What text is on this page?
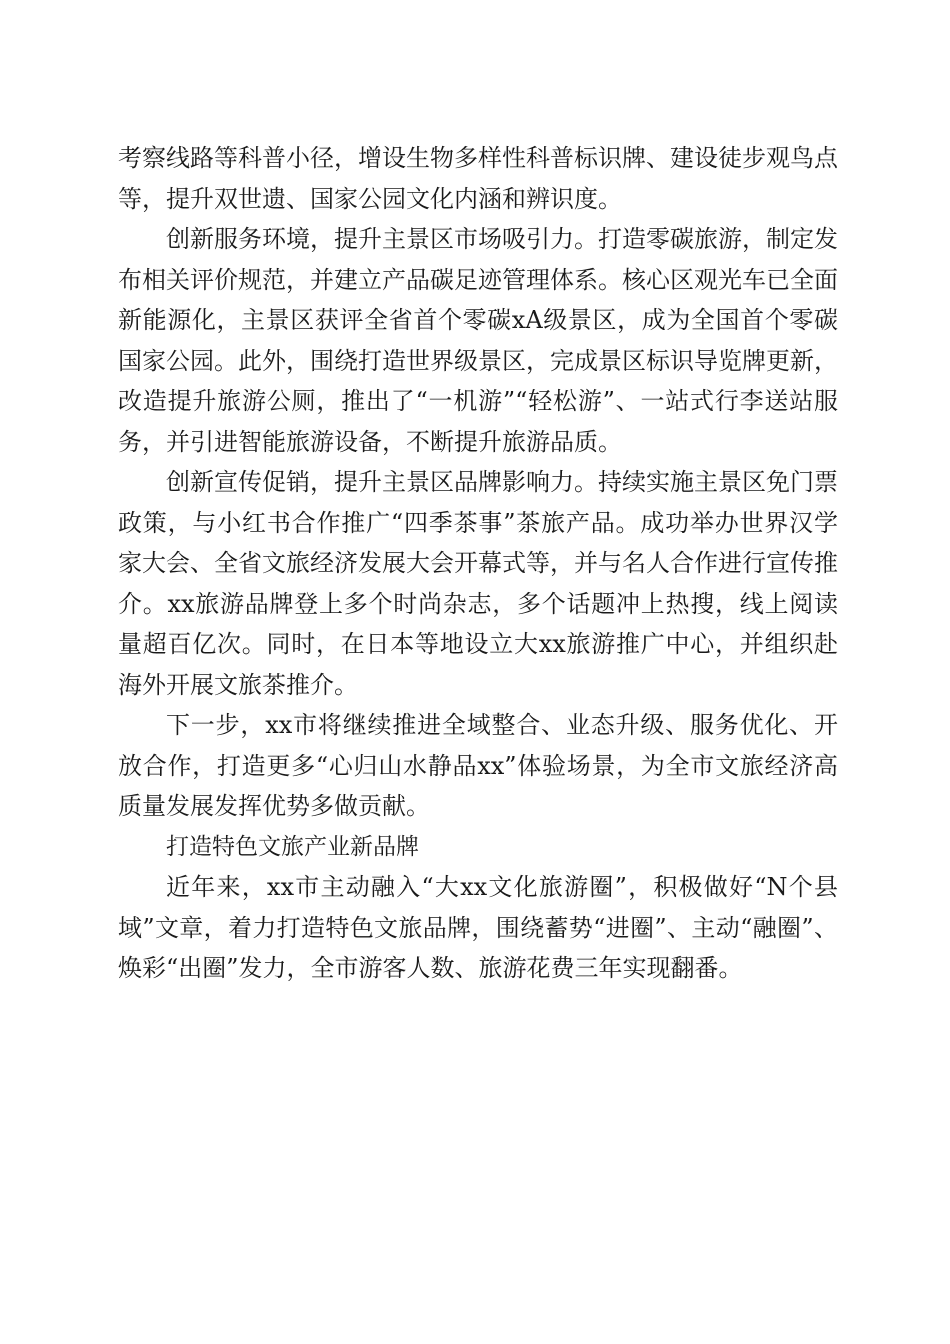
考察线路等科普小径，增设生物多样性科普标识牌、建设徒步观鸟点等，提升双世遗、国家公园文化内涵和辨识度。

创新服务环境，提升主景区市场吸引力。打造零碳旅游，制定发布相关评价规范，并建立产品碳足迹管理体系。核心区观光车已全面新能源化，主景区获评全省首个零碳xA级景区，成为全国首个零碳国家公园。此外，围绕打造世界级景区，完成景区标识导览牌更新，改造提升旅游公厕，推出了“一机游”“轻松游”、一站式行李送站服务，并引进智能旅游设备，不断提升旅游品质。

创新宣传促销，提升主景区品牌影响力。持续实施主景区免门票政策，与小红书合作推广“四季茶事”茶旅产品。成功举办世界汉学家大会、全省文旅经济发展大会开幕式等，并与名人合作进行宣传推介。xx旅游品牌登上多个时尚杂志，多个话题冲上热搜，线上阅读量超百亿次。同时，在日本等地设立大xx旅游推广中心，并组织赴海外开展文旅茶推介。

下一步，xx市将继续推进全域整合、业态升级、服务优化、开放合作，打造更多“心归山水静品xx”体验场景，为全市文旅经济高质量发展发挥优势多做贡献。

打造特色文旅产业新品牌

近年来，xx市主动融入“大xx文化旅游圈”，积极做好“N个县域”文章，着力打造特色文旅品牌，围绕蓄势“进圈”、主动“融圈”、焕彩“出圈”发力，全市游客人数、旅游花费三年实现翻番。
